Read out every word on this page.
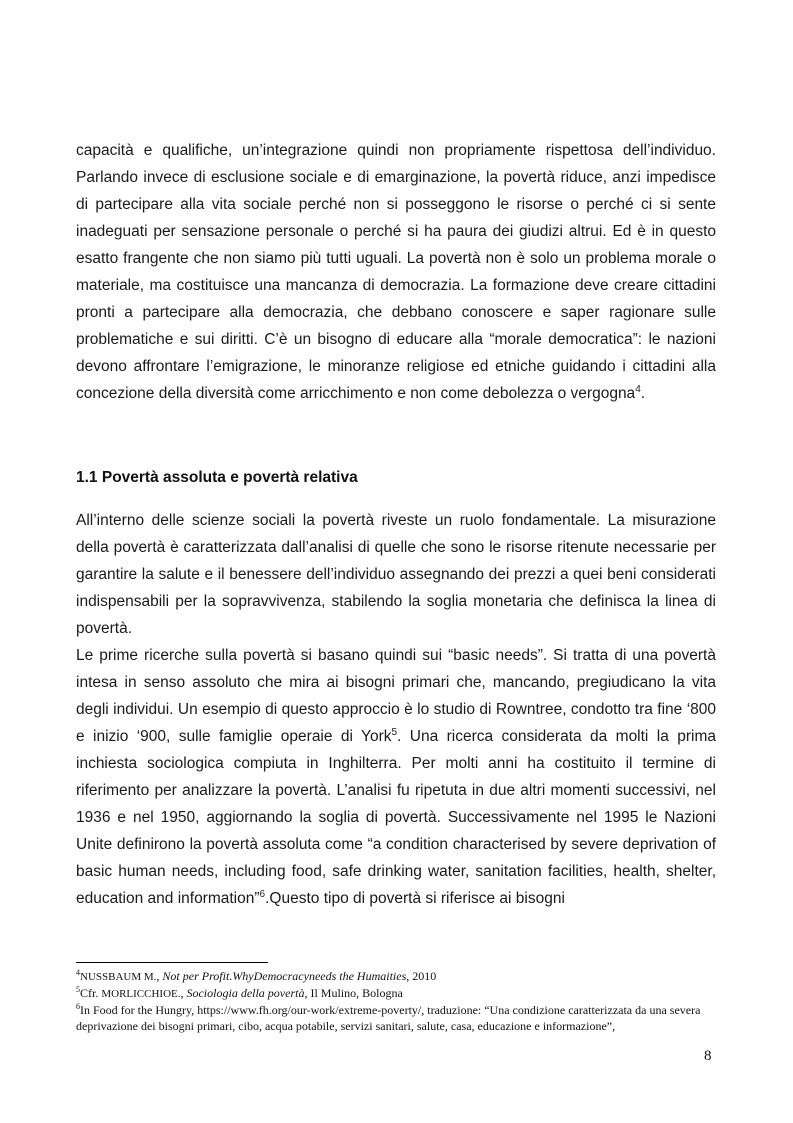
capacità e qualifiche, un’integrazione quindi non propriamente rispettosa dell’individuo. Parlando invece di esclusione sociale e di emarginazione, la povertà riduce, anzi impedisce di partecipare alla vita sociale perché non si posseggono le risorse o perché ci si sente inadeguati per sensazione personale o perché si ha paura dei giudizi altrui. Ed è in questo esatto frangente che non siamo più tutti uguali. La povertà non è solo un problema morale o materiale, ma costituisce una mancanza di democrazia. La formazione deve creare cittadini pronti a partecipare alla democrazia, che debbano conoscere e saper ragionare sulle problematiche e sui diritti. C’è un bisogno di educare alla “morale democratica”: le nazioni devono affrontare l’emigrazione, le minoranze religiose ed etniche guidando i cittadini alla concezione della diversità come arricchimento e non come debolezza o vergogna$^4$.

1.1 Povertà assoluta e povertà relativa
All’interno delle scienze sociali la povertà riveste un ruolo fondamentale. La misurazione della povertà è caratterizzata dall’analisi di quelle che sono le risorse ritenute necessarie per garantire la salute e il benessere dell’individuo assegnando dei prezzi a quei beni considerati indispensabili per la sopravvivenza, stabilendo la soglia monetaria che definisca la linea di povertà.
Le prime ricerche sulla povertà si basano quindi sui “basic needs”. Si tratta di una povertà intesa in senso assoluto che mira ai bisogni primari che, mancando, pregiudicano la vita degli individui. Un esempio di questo approccio è lo studio di Rowntree, condotto tra fine ‘800 e inizio ‘900, sulle famiglie operaie di York$^5$. Una ricerca considerata da molti la prima inchiesta sociologica compiuta in Inghilterra. Per molti anni ha costituito il termine di riferimento per analizzare la povertà. L’analisi fu ripetuta in due altri momenti successivi, nel 1936 e nel 1950, aggiornando la soglia di povertà. Successivamente nel 1995 le Nazioni Unite definirono la povertà assoluta come “a condition characterised by severe deprivation of basic human needs, including food, safe drinking water, sanitation facilities, health, shelter, education and information”$^6$.Questo tipo di povertà si riferisce ai bisogni

$^4$NUSSBAUM M., Not per Profit.WhyDemocracyneeds the Humaities, 2010

$^5$Cfr. MORLICCHIOE., Sociologia della povertà, Il Mulino, Bologna

$^6$In Food for the Hungry, https://www.fh.org/our-work/extreme-poverty/, traduzione: “Una condizione caratterizzata da una severa deprivazione dei bisogni primari, cibo, acqua potabile, servizi sanitari, salute, casa, educazione e informazione”,

8
